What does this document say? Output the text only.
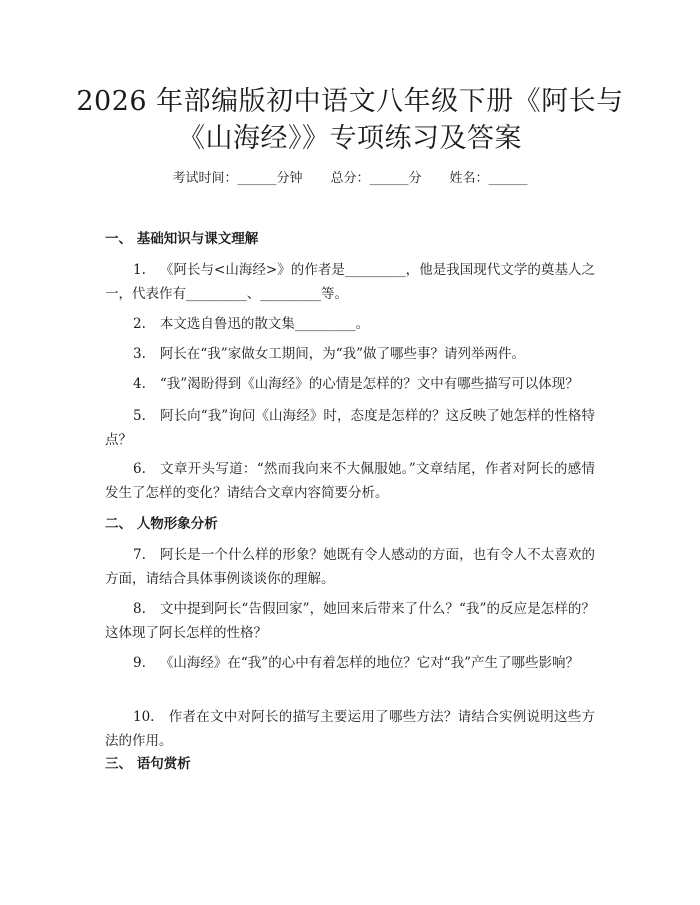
2026 年部编版初中语文八年级下册《阿长与
《山海经》》专项练习及答案
考试时间：______分钟 总分：______分 姓名：______
一、 基础知识与课文理解
1. 《阿长与<山海经>》的作者是_________，他是我国现代文学的奠基人之一，代表作有_________、_________等。
2. 本文选自鲁迅的散文集_________。
3. 阿长在“我”家做女工期间，为“我”做了哪些事？请列举两件。
4. “我”渴盼得到《山海经》的心情是怎样的？文中有哪些描写可以体现？
5. 阿长向“我”询问《山海经》时，态度是怎样的？这反映了她怎样的性格特点？
6. 文章开头写道：“然而我向来不大佩服她。”文章结尾，作者对阿长的感情发生了怎样的变化？请结合文章内容简要分析。
二、 人物形象分析
7. 阿长是一个什么样的形象？她既有令人感动的方面，也有令人不太喜欢的方面，请结合具体事例谈谈你的理解。
8. 文中提到阿长“告假回家”，她回来后带来了什么？“我”的反应是怎样的？这体现了阿长怎样的性格？
9. 《山海经》在“我”的心中有着怎样的地位？它对“我”产生了哪些影响？
10. 作者在文中对阿长的描写主要运用了哪些方法？请结合实例说明这些方法的作用。
三、 语句赏析
